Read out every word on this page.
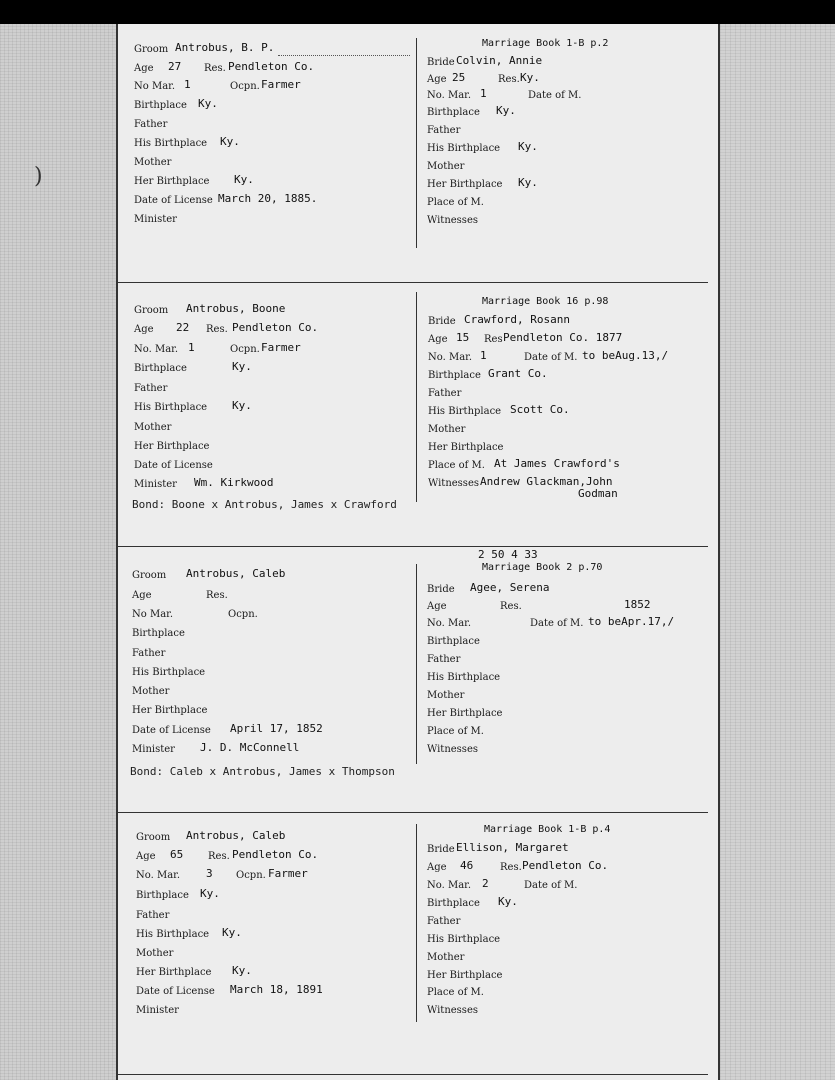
)
Groom Antrobus, B. P.
Age 27 Res. Pendleton Co.
No Mar. 1	Ocpn. Farmer
Birthplace Ky.
Father
His Birthplace Ky.
Mother
Her Birthplace Ky.
Date of License March 20, 1885.
Minister
Marriage Book 1-B p.2
Bride Colvin, Annie
Age 25	Res. Ky.
No. Mar. 1	Date of M.
Birthplace Ky.
Father
His Birthplace Ky.
Mother
Her Birthplace Ky.
Place of M.
Witnesses
Groom Antrobus, Boone
Age 22 Res. Pendleton Co.
No. Mar. 1	Ocpn. Farmer
Birthplace	Ky.
Father
His Birthplace Ky.
Mother
Her Birthplace
Date of License
Minister Wm. Kirkwood
Marriage Book 16 p.98
Bride Crawford, Rosann
Age 15 Res Pendleton Co. 1877
No. Mar. 1	Date of M. to beAug.13,/
Birthplace Grant Co.
Father
His Birthplace Scott Co.
Mother
Her Birthplace
Place of M. At James Crawford's
Witnesses Andrew Glackman,John
Godman
Bond: Boone x Antrobus, James x Crawford
2 50 4 33
Groom Antrobus, Caleb
Age	Res.
No Mar.	Ocpn.
Birthplace
Father
His Birthplace
Mother
Her Birthplace
Date of License April 17, 1852
Minister J. D. McConnell
Marriage Book 2 p.70
Bride Agee, Serena
Age	Res.	1852
No. Mar.	Date of M. to beApr.17,/
Birthplace
Father
His Birthplace
Mother
Her Birthplace
Place of M.
Witnesses
Bond: Caleb x Antrobus, James x Thompson
Marriage Book 1-B p.4
Groom Antrobus, Caleb
Age 65 Res. Pendleton Co.
No. Mar. 3 Ocpn. Farmer
Birthplace Ky.
Father
His Birthplace Ky.
Mother
Her Birthplace Ky.
Date of License March 18, 1891
Minister
Bride Ellison, Margaret
Age 46	Res. Pendleton Co.
No. Mar. 2	Date of M.
Birthplace Ky.
Father
His Birthplace
Mother
Her Birthplace
Place of M.
Witnesses
